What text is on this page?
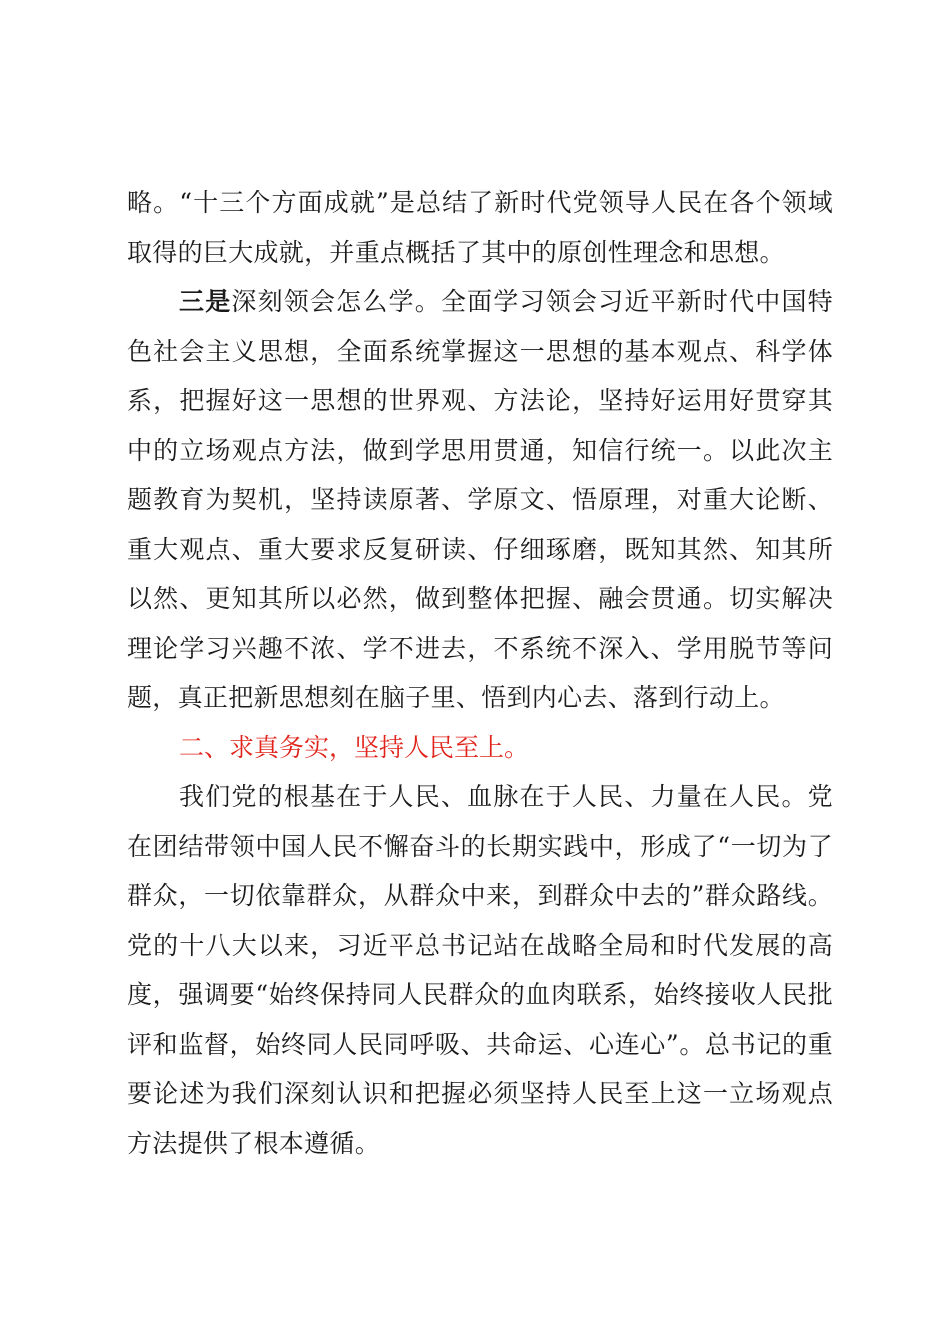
略。“十三个方面成就”是总结了新时代党领导人民在各个领域取得的巨大成就，并重点概括了其中的原创性理念和思想。

三是深刻领会怎么学。全面学习领会习近平新时代中国特色社会主义思想，全面系统掌握这一思想的基本观点、科学体系，把握好这一思想的世界观、方法论，坚持好运用好贯穿其中的立场观点方法，做到学思用贯通，知信行统一。以此次主题教育为契机，坚持读原著、学原文、悟原理，对重大论断、重大观点、重大要求反复研读、仔细琢磨，既知其然、知其所以然、更知其所以必然，做到整体把握、融会贯通。切实解决理论学习兴趣不浓、学不进去，不系统不深入、学用脱节等问题，真正把新思想刻在脑子里、悟到内心去、落到行动上。

二、求真务实，坚持人民至上。

我们党的根基在于人民、血脉在于人民、力量在人民。党在团结带领中国人民不懈奋斗的长期实践中，形成了“一切为了群众，一切依靠群众，从群众中来，到群众中去的”群众路线。党的十八大以来，习近平总书记站在战略全局和时代发展的高度，强调要“始终保持同人民群众的血肉联系，始终接收人民批评和监督，始终同人民同呼吸、共命运、心连心”。总书记的重要论述为我们深刻认识和把握必须坚持人民至上这一立场观点方法提供了根本遵循。
